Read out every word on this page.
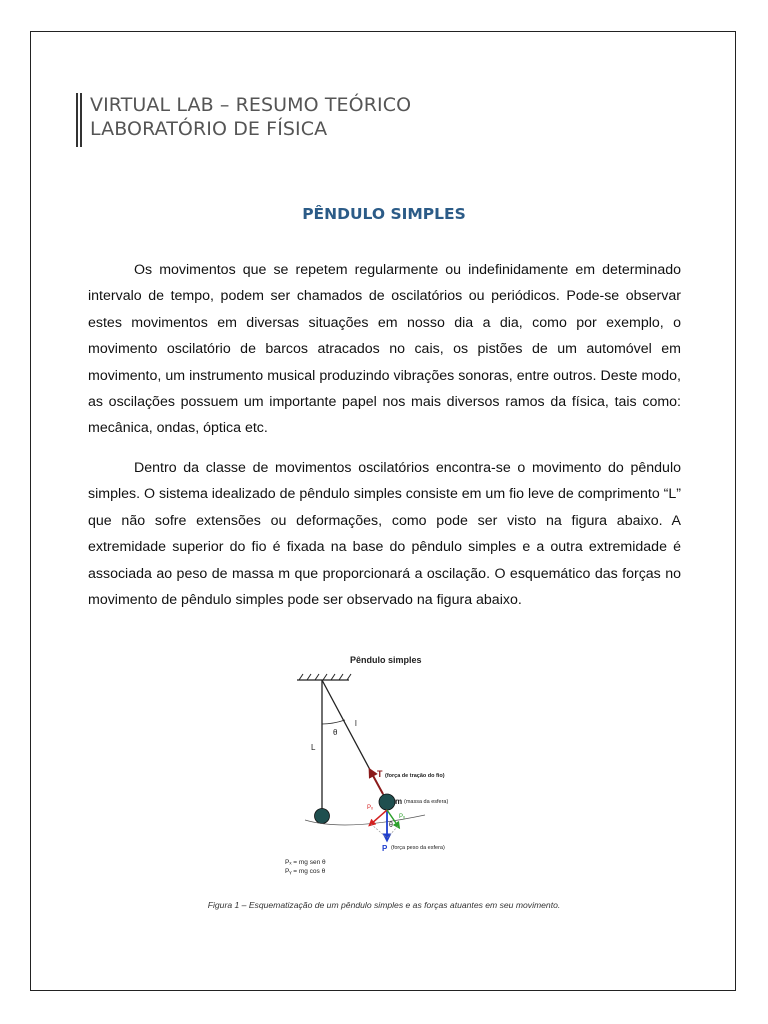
VIRTUAL LAB – RESUMO TEÓRICO
LABORATÓRIO DE FÍSICA
PÊNDULO SIMPLES

Os movimentos que se repetem regularmente ou indefinidamente em determinado intervalo de tempo, podem ser chamados de oscilatórios ou periódicos. Pode-se observar estes movimentos em diversas situações em nosso dia a dia, como por exemplo, o movimento oscilatório de barcos atracados no cais, os pistões de um automóvel em movimento, um instrumento musical produzindo vibrações sonoras, entre outros. Deste modo, as oscilações possuem um importante papel nos mais diversos ramos da física, tais como: mecânica, ondas, óptica etc.

Dentro da classe de movimentos oscilatórios encontra-se o movimento do pêndulo simples. O sistema idealizado de pêndulo simples consiste em um fio leve de comprimento “L” que não sofre extensões ou deformações, como pode ser visto na figura abaixo. A extremidade superior do fio é fixada na base do pêndulo simples e a outra extremidade é associada ao peso de massa m que proporcionará a oscilação. O esquemático das forças no movimento de pêndulo simples pode ser observado na figura abaixo.

Pêndulo simples
θ
l
L
T (força de tração do fio)
m (massa da esfera)
P (força peso da esfera)
Pₓ
Pᵧ
θ
Pₓ = mg sen θ
Pᵧ = mg cos θ
Figura 1 – Esquematização de um pêndulo simples e as forças atuantes em seu movimento.
